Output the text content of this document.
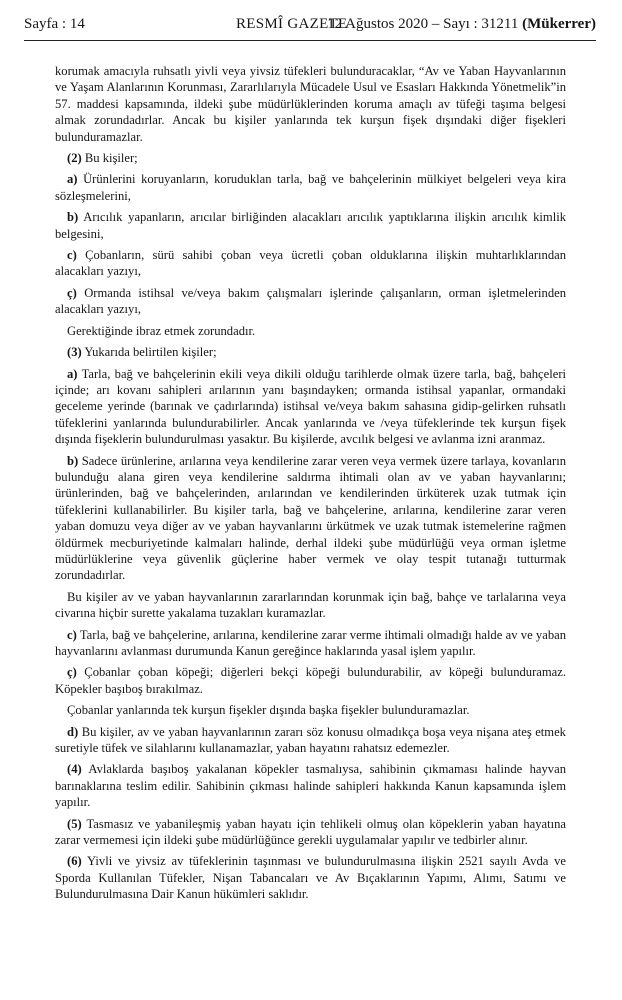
Sayfa : 14	RESMÎ GAZETE
12 Ağustos 2020 – Sayı : 31211 (Mükerrer)

korumak amacıyla ruhsatlı yivli veya yivsiz tüfekleri bulunduracaklar, “Av ve Yaban Hayvanlarının ve Yaşam Alanlarının Korunması, Zararlılarıyla Mücadele Usul ve Esasları Hakkında Yönetmelik”in 57. maddesi kapsamında, ildeki şube müdürlüklerinden koruma amaçlı av tüfeği taşıma belgesi almak zorundadırlar. Ancak bu kişiler yanlarında tek kurşun fişek dışındaki diğer fişekleri bulunduramazlar.

(2) Bu kişiler;

a) Ürünlerini koruyanların, koruduklan tarla, bağ ve bahçelerinin mülkiyet belgeleri veya kira sözleşmelerini,

b) Arıcılık yapanların, arıcılar birliğinden alacakları arıcılık yaptıklarına ilişkin arıcılık kimlik belgesini,

c) Çobanların, sürü sahibi çoban veya ücretli çoban olduklarına ilişkin muhtarlıklarından alacakları yazıyı,

ç) Ormanda istihsal ve/veya bakım çalışmaları işlerinde çalışanların, orman işletmelerinden alacakları yazıyı,

Gerektiğinde ibraz etmek zorundadır.

(3) Yukarıda belirtilen kişiler;

a) Tarla, bağ ve bahçelerinin ekili veya dikili olduğu tarihlerde olmak üzere tarla, bağ, bahçeleri içinde; arı kovanı sahipleri arılarının yanı başındayken; ormanda istihsal yapanlar, ormandaki geceleme yerinde (barınak ve çadırlarında) istihsal ve/veya bakım sahasına gidip-gelirken ruhsatlı tüfeklerini yanlarında bulundurabilirler. Ancak yanlarında ve /veya tüfeklerinde tek kurşun fişek dışında fişeklerin bulundurulması yasaktır. Bu kişilerde, avcılık belgesi ve avlanma izni aranmaz.

b) Sadece ürünlerine, arılarına veya kendilerine zarar veren veya vermek üzere tarlaya, kovanların bulunduğu alana giren veya kendilerine saldırma ihtimali olan av ve yaban hayvanlarını; ürünlerinden, bağ ve bahçelerinden, arılarından ve kendilerinden ürküterek uzak tutmak için tüfeklerini kullanabilirler. Bu kişiler tarla, bağ ve bahçelerine, arılarına, kendilerine zarar veren yaban domuzu veya diğer av ve yaban hayvanlarını ürkütmek ve uzak tutmak istemelerine rağmen öldürmek mecburiyetinde kalmaları halinde, derhal ildeki şube müdürlüğü veya orman işletme müdürlüklerine veya güvenlik güçlerine haber vermek ve olay tespit tutanağı tutturmak zorundadırlar.

Bu kişiler av ve yaban hayvanlarının zararlarından korunmak için bağ, bahçe ve tarlalarına veya civarına hiçbir surette yakalama tuzakları kuramazlar.

c) Tarla, bağ ve bahçelerine, arılarına, kendilerine zarar verme ihtimali olmadığı halde av ve yaban hayvanlarını avlanması durumunda Kanun gereğince haklarında yasal işlem yapılır.

ç) Çobanlar çoban köpeği; diğerleri bekçi köpeği bulundurabilir, av köpeği bulunduramaz. Köpekler başıboş bırakılmaz.

Çobanlar yanlarında tek kurşun fişekler dışında başka fişekler bulunduramazlar.

d) Bu kişiler, av ve yaban hayvanlarının zararı söz konusu olmadıkça boşa veya nişana ateş etmek suretiyle tüfek ve silahlarını kullanamazlar, yaban hayatını rahatsız edemezler.

(4) Avlaklarda başıboş yakalanan köpekler tasmalıysa, sahibinin çıkmaması halinde hayvan barınaklarına teslim edilir. Sahibinin çıkması halinde sahipleri hakkında Kanun kapsamında işlem yapılır.

(5) Tasmasız ve yabanileşmiş yaban hayatı için tehlikeli olmuş olan köpeklerin yaban hayatına zarar vermemesi için ildeki şube müdürlüğünce gerekli uygulamalar yapılır ve tedbirler alınır.

(6) Yivli ve yivsiz av tüfeklerinin taşınması ve bulundurulmasına ilişkin 2521 sayılı Avda ve Sporda Kullanılan Tüfekler, Nişan Tabancaları ve Av Bıçaklarının Yapımı, Alımı, Satımı ve Bulundurulmasına Dair Kanun hükümleri saklıdır.
